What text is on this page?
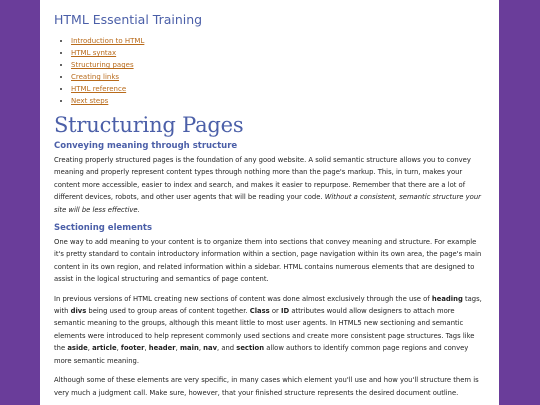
HTML Essential Training
• Introduction to HTML
• HTML syntax
• Structuring pages
• Creating links
• HTML reference
• Next steps
Structuring Pages
Conveying meaning through structure

Creating properly structured pages is the foundation of any good website. A solid semantic structure allows you to convey meaning and properly represent content types through nothing more than the page's markup. This, in turn, makes your content more accessible, easier to index and search, and makes it easier to repurpose. Remember that there are a lot of different devices, robots, and other user agents that will be reading your code. Without a consistent, semantic structure your site will be less effective.

Sectioning elements

One way to add meaning to your content is to organize them into sections that convey meaning and structure. For example it's pretty standard to contain introductory information within a section, page navigation within its own area, the page's main content in its own region, and related information within a sidebar. HTML contains numerous elements that are designed to assist in the logical structuring and semantics of page content.

In previous versions of HTML creating new sections of content was done almost exclusively through the use of heading tags, with divs being used to group areas of content together. Class or ID attributes would allow designers to attach more semantic meaning to the groups, although this meant little to most user agents. In HTML5 new sectioning and semantic elements were introduced to help represent commonly used sections and create more consistent page structures. Tags like the aside, article, footer, header, main, nav, and section allow authors to identify common page regions and convey more semantic meaning.

Although some of these elements are very specific, in many cases which element you'll use and how you'll structure them is very much a judgment call. Make sure, however, that your finished structure represents the desired document outline.
